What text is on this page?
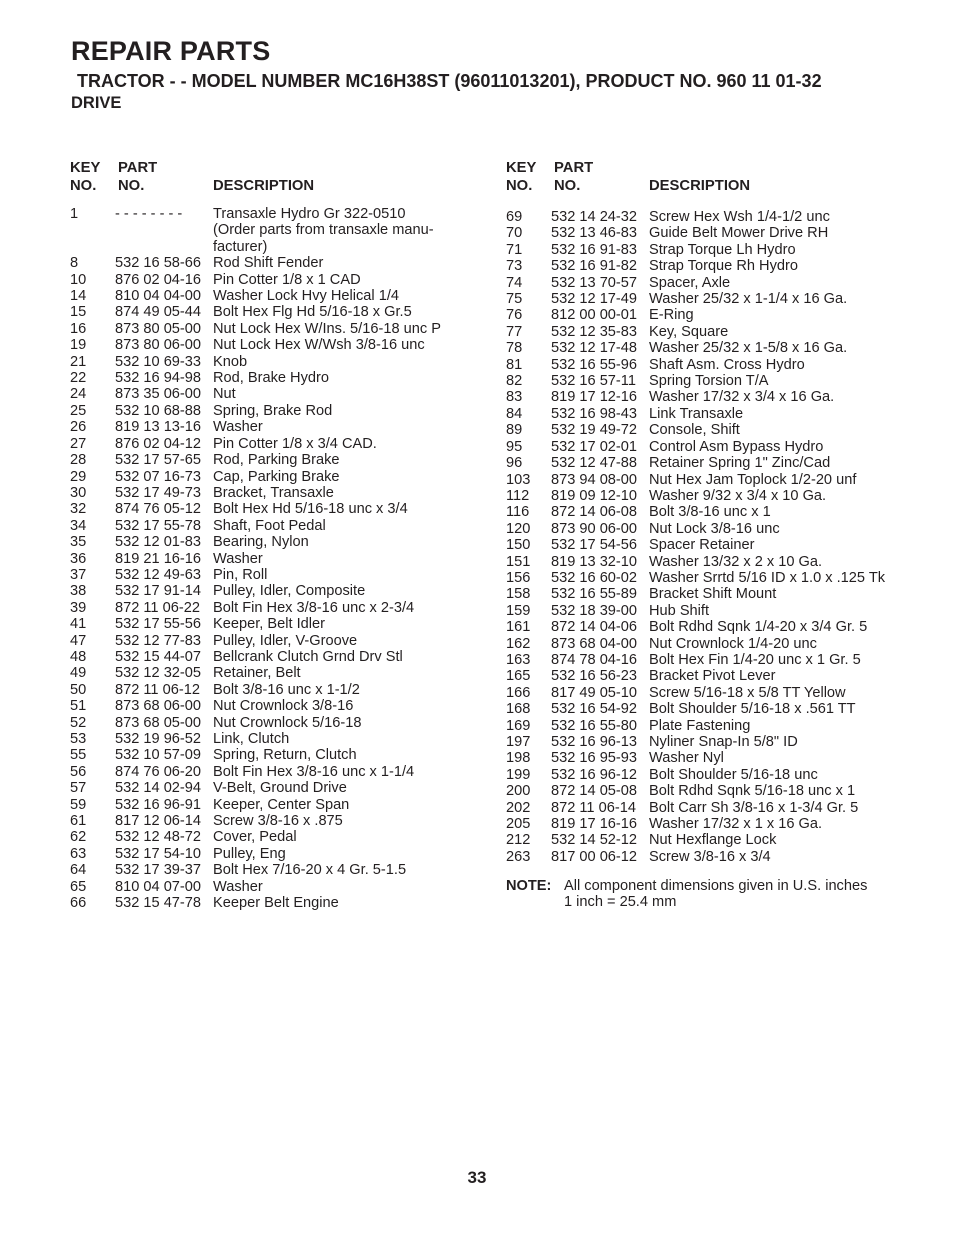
REPAIR PARTS
TRACTOR - - MODEL NUMBER MC16H38ST (96011013201), PRODUCT NO. 960 11 01-32
DRIVE
KEY
NO.
PART
NO.	DESCRIPTION
1	- - - - - - - - Transaxle Hydro Gr 322-0510
(Order parts from transaxle manu-
facturer)
8	532 16 58-66 Rod Shift Fender
10 876 02 04-16 Pin Cotter 1/8 x 1 CAD
14 810 04 04-00 Washer Lock Hvy Helical 1/4
15 874 49 05-44 Bolt Hex Flg Hd 5/16-18 x Gr.5
16 873 80 05-00 Nut Lock Hex W/Ins. 5/16-18 unc P
19 873 80 06-00 Nut Lock Hex W/Wsh 3/8-16 unc
21 532 10 69-33 Knob
22 532 16 94-98 Rod, Brake Hydro
24 873 35 06-00 Nut
25 532 10 68-88 Spring, Brake Rod
26 819 13 13-16 Washer
27 876 02 04-12 Pin Cotter 1/8 x 3/4 CAD.
28 532 17 57-65 Rod, Parking Brake
29 532 07 16-73 Cap, Parking Brake
30 532 17 49-73 Bracket, Transaxle
32 874 76 05-12 Bolt Hex Hd 5/16-18 unc x 3/4
34 532 17 55-78 Shaft, Foot Pedal
35 532 12 01-83 Bearing, Nylon
36 819 21 16-16 Washer
37 532 12 49-63 Pin, Roll
38 532 17 91-14 Pulley, Idler, Composite
39 872 11 06-22 Bolt Fin Hex 3/8-16 unc x 2-3/4
41 532 17 55-56 Keeper, Belt Idler
47 532 12 77-83 Pulley, Idler, V-Groove
48 532 15 44-07 Bellcrank Clutch Grnd Drv Stl
49 532 12 32-05 Retainer, Belt
50 872 11 06-12 Bolt 3/8-16 unc x 1-1/2
51 873 68 06-00 Nut Crownlock 3/8-16
52 873 68 05-00 Nut Crownlock 5/16-18
53 532 19 96-52 Link, Clutch
55 532 10 57-09 Spring, Return, Clutch
56 874 76 06-20 Bolt Fin Hex 3/8-16 unc x 1-1/4
57 532 14 02-94 V-Belt, Ground Drive
59 532 16 96-91 Keeper, Center Span
61 817 12 06-14 Screw 3/8-16 x .875
62 532 12 48-72 Cover, Pedal
63 532 17 54-10 Pulley, Eng
64 532 17 39-37 Bolt Hex 7/16-20 x 4 Gr. 5-1.5
65 810 04 07-00 Washer
66 532 15 47-78 Keeper Belt Engine
KEY
NO.
PART
NO.	DESCRIPTION
69 532 14 24-32 Screw Hex Wsh 1/4-1/2 unc
70 532 13 46-83 Guide Belt Mower Drive RH
71 532 16 91-83 Strap Torque Lh Hydro
73 532 16 91-82 Strap Torque Rh Hydro
74 532 13 70-57 Spacer, Axle
75 532 12 17-49 Washer 25/32 x 1-1/4 x 16 Ga.
76 812 00 00-01 E-Ring
77 532 12 35-83 Key, Square
78 532 12 17-48 Washer 25/32 x 1-5/8 x 16 Ga.
81 532 16 55-96 Shaft Asm. Cross Hydro
82 532 16 57-11 Spring Torsion T/A
83 819 17 12-16 Washer 17/32 x 3/4 x 16 Ga.
84 532 16 98-43 Link Transaxle
89 532 19 49-72 Console, Shift
95 532 17 02-01 Control Asm Bypass Hydro
96 532 12 47-88 Retainer Spring 1" Zinc/Cad
103 873 94 08-00 Nut Hex Jam Toplock 1/2-20 unf
112 819 09 12-10 Washer 9/32 x 3/4 x 10 Ga.
116 872 14 06-08 Bolt 3/8-16 unc x 1
120 873 90 06-00 Nut Lock 3/8-16 unc
150 532 17 54-56 Spacer Retainer
151 819 13 32-10 Washer 13/32 x 2 x 10 Ga.
156 532 16 60-02 Washer Srrtd 5/16 ID x 1.0 x .125 Tk
158 532 16 55-89 Bracket Shift Mount
159 532 18 39-00 Hub Shift
161 872 14 04-06 Bolt Rdhd Sqnk 1/4-20 x 3/4 Gr. 5
162 873 68 04-00 Nut Crownlock 1/4-20 unc
163 874 78 04-16 Bolt Hex Fin 1/4-20 unc x 1 Gr. 5
165 532 16 56-23 Bracket Pivot Lever
166 817 49 05-10 Screw 5/16-18 x 5/8 TT Yellow
168 532 16 54-92 Bolt Shoulder 5/16-18 x .561 TT
169 532 16 55-80 Plate Fastening
197 532 16 96-13 Nyliner Snap-In 5/8" ID
198 532 16 95-93 Washer Nyl
199 532 16 96-12 Bolt Shoulder 5/16-18 unc
200 872 14 05-08 Bolt Rdhd Sqnk 5/16-18 unc x 1
202 872 11 06-14 Bolt Carr Sh 3/8-16 x 1-3/4 Gr. 5
205 819 17 16-16 Washer 17/32 x 1 x 16 Ga.
212 532 14 52-12 Nut Hexflange Lock
263 817 00 06-12 Screw 3/8-16 x 3/4
NOTE: All component dimensions given in U.S. inches
1 inch = 25.4 mm
33
